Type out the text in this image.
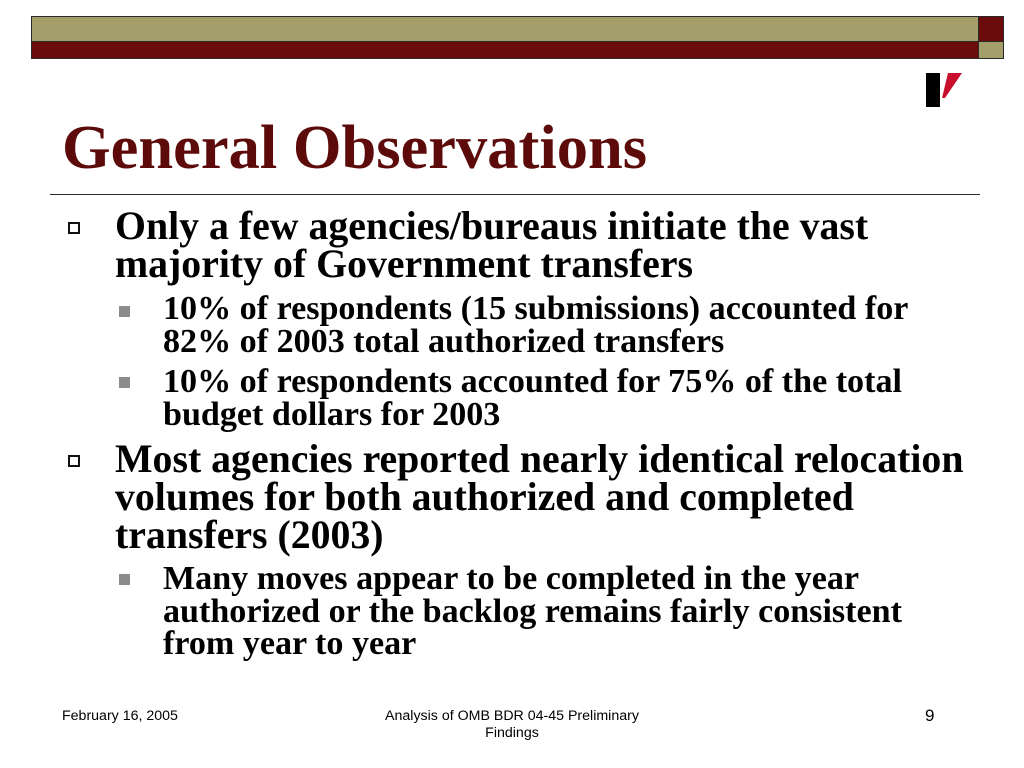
General Observations
Only a few agencies/bureaus initiate the vast
majority of Government transfers
10% of respondents (15 submissions) accounted for
82% of 2003 total authorized transfers
10% of respondents accounted for 75% of the total
budget dollars for 2003
Most agencies reported nearly identical relocation
volumes for both authorized and completed
transfers (2003)
Many moves appear to be completed in the year
authorized or the backlog remains fairly consistent
from year to year
February 16, 2005	Analysis of OMB BDR 04-45 Preliminary Findings
9
